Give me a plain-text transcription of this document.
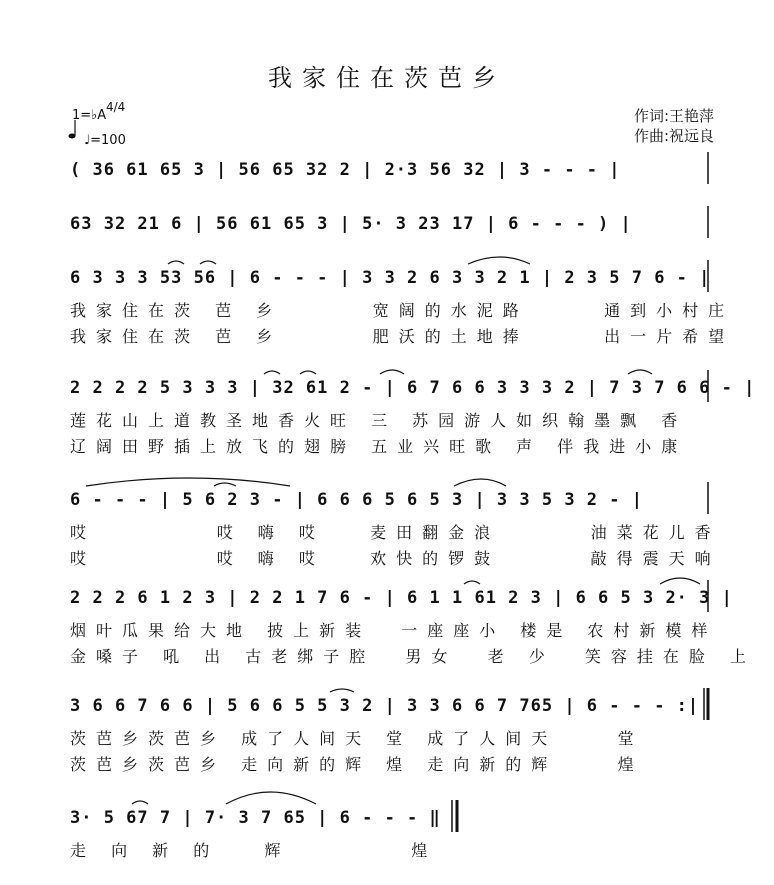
我家住在茨芭乡
1=♭A
4/4
♩=100
作词:王艳萍
作曲:祝远良
( 36 61 65 3 | 56 65 32 2 | 2·3 56 32 | 3 - - - |
63 32 21 6 | 56 61 65 3 | 5· 3 23 17 | 6 - - - ) |
6 3 3 3 53 56 | 6 - - - | 3 3 2 6 3 3 2 1 | 2 3 5 7 6 - |
我家住在茨 芭 乡      宽阔的水泥路     通到小村庄
我家住在茨 芭 乡      肥沃的土地捧     出一片希望
2 2 2 2 5 3 3 3 | 32 61 2 - | 6 7 6 6 3 3 3 2 | 7 3 7 6 6 - |
莲花山上道教圣地香火旺 三 苏园游人如织翰墨飘 香
辽阔田野插上放飞的翅膀 五业兴旺歌 声 伴我进小康
6 - - - | 5 6 2 3 - | 6 6 6 5 6 5 3 | 3 3 5 3 2 - |
哎        哎 嗨 哎   麦田翻金浪      油菜花儿香
哎        哎 嗨 哎   欢快的锣鼓      敲得震天响
2 2 2 6 1 2 3 | 2 2 1 7 6 - | 6 1 1 61 2 3 | 6 6 5 3 2· 3 |
烟叶瓜果给大地 披上新装  一座座小 楼是 农村新模样
金嗓子 吼 出 古老绑子腔  男女  老 少  笑容挂在脸 上
3 6 6 7 6 6 | 5 6 6 5 5 3 2 | 3 3 6 6 7 765 | 6 - - - :|
茨芭乡茨芭乡 成了人间天 堂 成了人间天    堂
茨芭乡茨芭乡 走向新的辉 煌 走向新的辉    煌
3· 5 67 7 | 7· 3 7 65 | 6 - - - ‖
走 向 新 的   辉        煌
